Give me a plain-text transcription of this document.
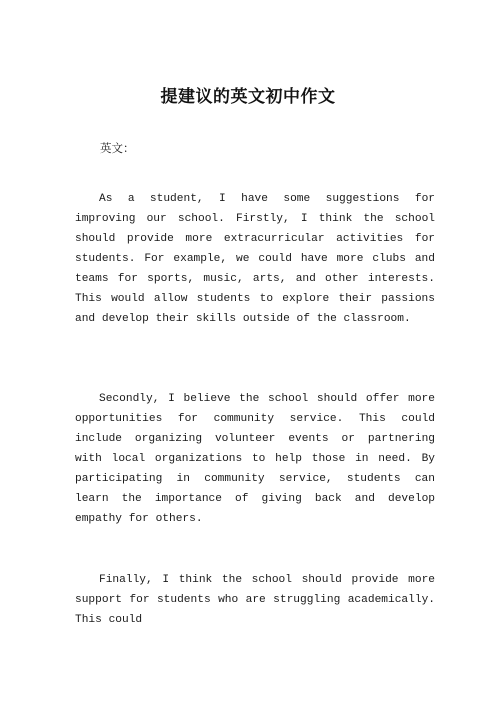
提建议的英文初中作文
英文：

As a student, I have some suggestions for improving our school. Firstly, I think the school should provide more extracurricular activities for students. For example, we could have more clubs and teams for sports, music, arts, and other interests. This would allow students to explore their passions and develop their skills outside of the classroom.

Secondly, I believe the school should offer more opportunities for community service. This could include organizing volunteer events or partnering with local organizations to help those in need. By participating in community service, students can learn the importance of giving back and develop empathy for others.

Finally, I think the school should provide more support for students who are struggling academically. This could
